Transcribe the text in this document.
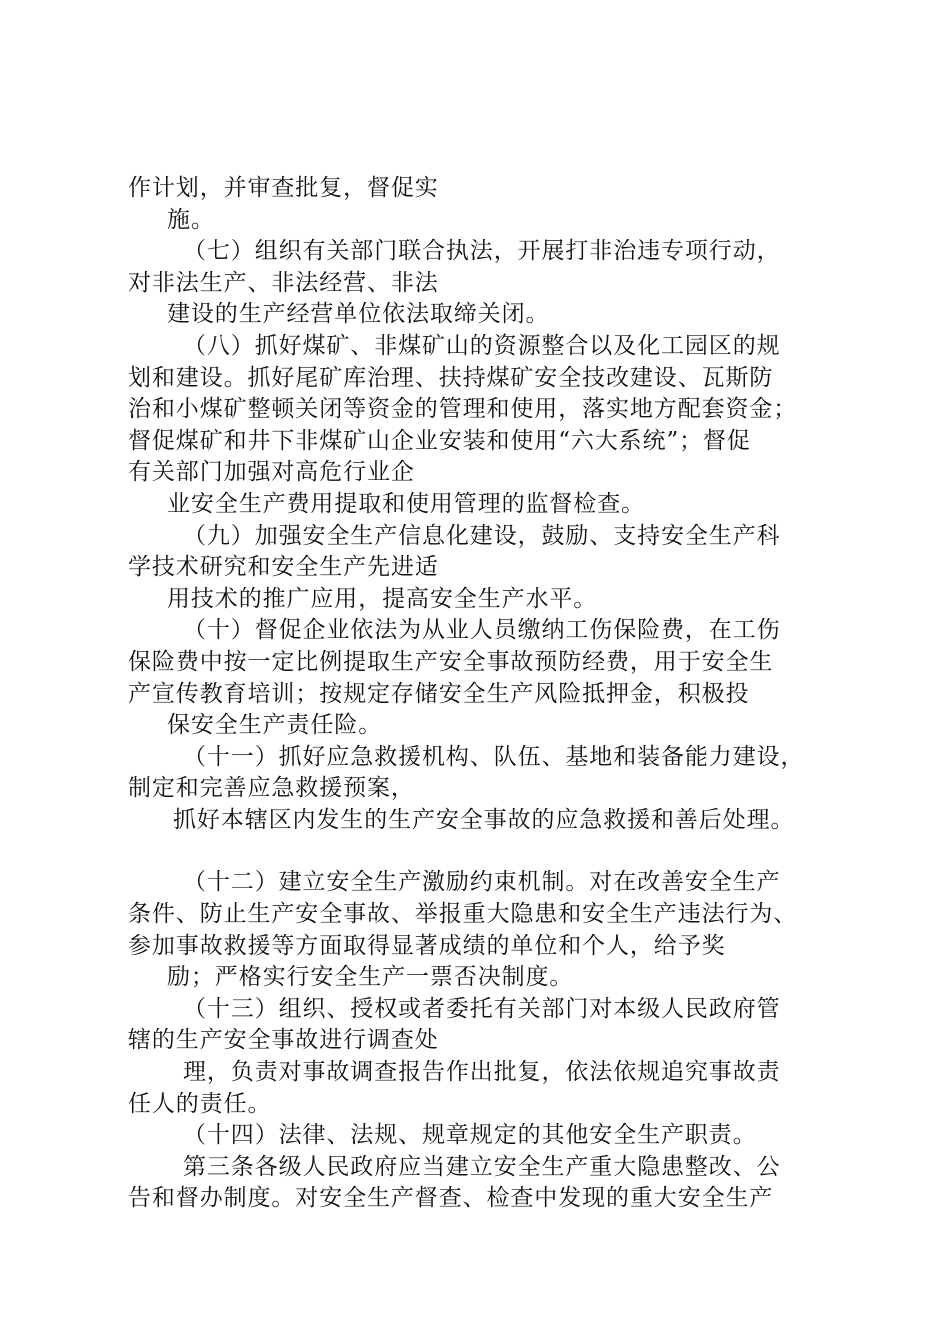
作计划，并审查批复，督促实
施。
（七）组织有关部门联合执法，开展打非治违专项行动，
对非法生产、非法经营、非法
建设的生产经营单位依法取缔关闭。
（八）抓好煤矿、非煤矿山的资源整合以及化工园区的规
划和建设。抓好尾矿库治理、扶持煤矿安全技改建设、瓦斯防
治和小煤矿整顿关闭等资金的管理和使用，落实地方配套资金；
督促煤矿和井下非煤矿山企业安装和使用“六大系统”；督促
有关部门加强对高危行业企
业安全生产费用提取和使用管理的监督检查。
（九）加强安全生产信息化建设，鼓励、支持安全生产科
学技术研究和安全生产先进适
用技术的推广应用，提高安全生产水平。
（十）督促企业依法为从业人员缴纳工伤保险费，在工伤
保险费中按一定比例提取生产安全事故预防经费，用于安全生
产宣传教育培训；按规定存储安全生产风险抵押金，积极投
保安全生产责任险。
（十一）抓好应急救援机构、队伍、基地和装备能力建设，
制定和完善应急救援预案，
抓好本辖区内发生的生产安全事故的应急救援和善后处理。
（十二）建立安全生产激励约束机制。对在改善安全生产
条件、防止生产安全事故、举报重大隐患和安全生产违法行为、
参加事故救援等方面取得显著成绩的单位和个人，给予奖
励；严格实行安全生产一票否决制度。
（十三）组织、授权或者委托有关部门对本级人民政府管
辖的生产安全事故进行调查处
理，负责对事故调查报告作出批复，依法依规追究事故责
任人的责任。
（十四）法律、法规、规章规定的其他安全生产职责。
第三条各级人民政府应当建立安全生产重大隐患整改、公
告和督办制度。对安全生产督查、检查中发现的重大安全生产
